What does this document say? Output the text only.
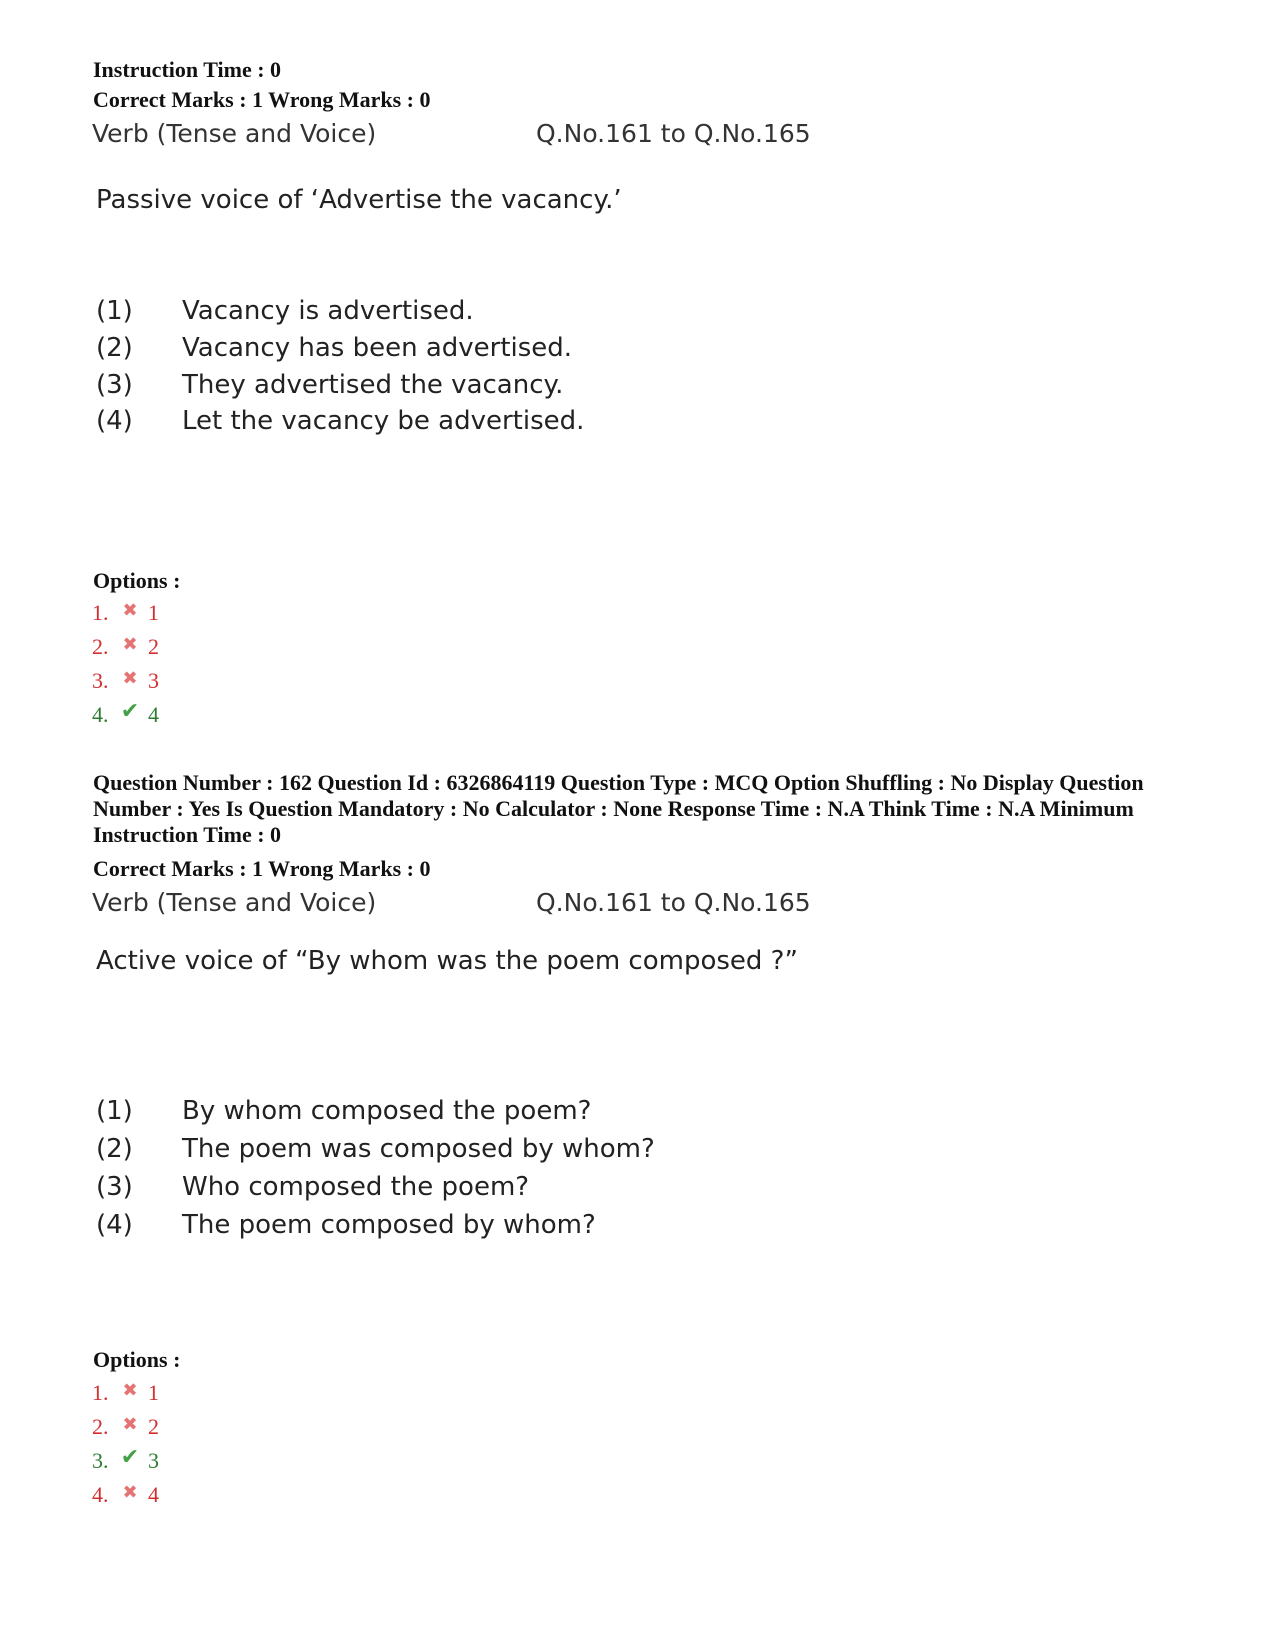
Instruction Time : 0
Correct Marks : 1 Wrong Marks : 0
Verb (Tense and Voice)	Q.No.161 to Q.No.165
Passive voice of ‘Advertise the vacancy.’
(1) Vacancy is advertised.
(2) Vacancy has been advertised.
(3) They advertised the vacancy.
(4) Let the vacancy be advertised.
Options :
1. ✖ 1
2. ✖ 2
3. ✖ 3
4. ✔ 4
Question Number : 162 Question Id : 6326864119 Question Type : MCQ Option Shuffling : No Display Question Number : Yes Is Question Mandatory : No Calculator : None Response Time : N.A Think Time : N.A Minimum Instruction Time : 0
Correct Marks : 1 Wrong Marks : 0
Verb (Tense and Voice)	Q.No.161 to Q.No.165
Active voice of “By whom was the poem composed ?”
(1) By whom composed the poem?
(2) The poem was composed by whom?
(3) Who composed the poem?
(4) The poem composed by whom?
Options :
1. ✖ 1
2. ✖ 2
3. ✔ 3
4. ✖ 4
